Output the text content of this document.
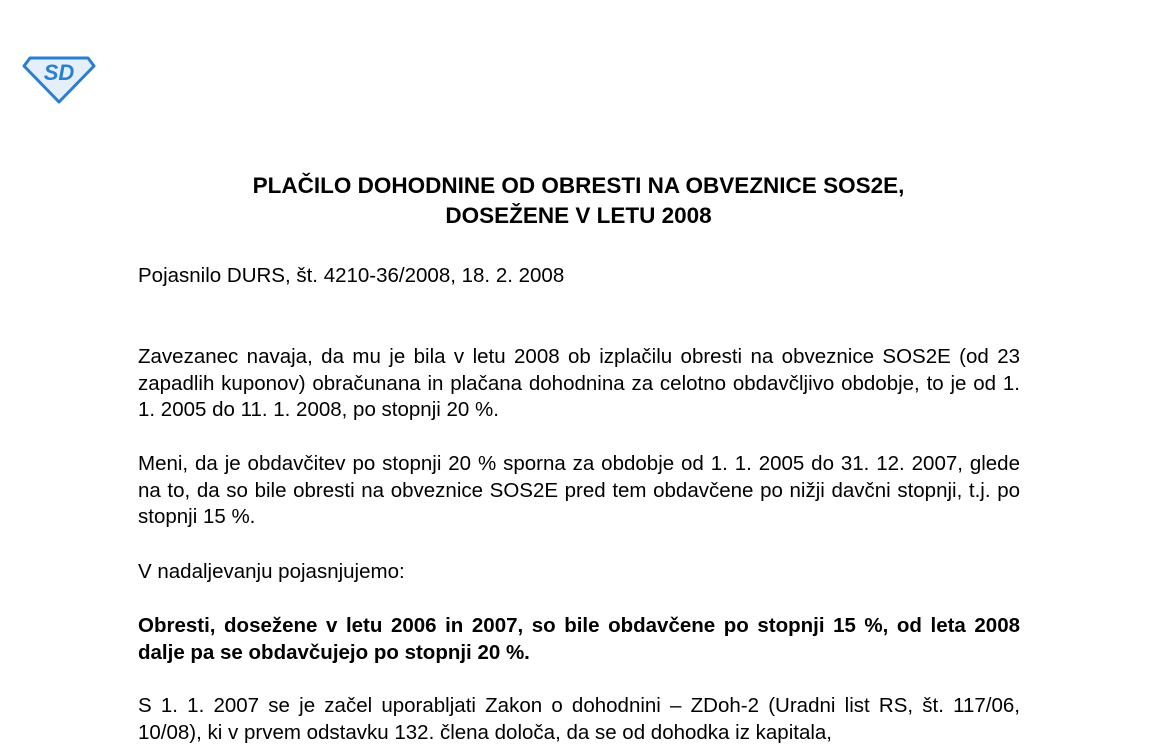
SD
PLAČILO DOHODNINE OD OBRESTI NA OBVEZNICE SOS2E,
DOSEŽENE V LETU 2008

Pojasnilo DURS, št. 4210-36/2008, 18. 2. 2008

Zavezanec navaja, da mu je bila v letu 2008 ob izplačilu obresti na obveznice SOS2E (od 23 zapadlih kuponov) obračunana in plačana dohodnina za celotno obdavčljivo obdobje, to je od 1. 1. 2005 do 11. 1. 2008, po stopnji 20 %.

Meni, da je obdavčitev po stopnji 20 % sporna za obdobje od 1. 1. 2005 do 31. 12. 2007, glede na to, da so bile obresti na obveznice SOS2E pred tem obdavčene po nižji davčni stopnji, t.j. po stopnji 15 %.

V nadaljevanju pojasnjujemo:

Obresti, dosežene v letu 2006 in 2007, so bile obdavčene po stopnji 15 %, od leta 2008 dalje pa se obdavčujejo po stopnji 20 %.

S 1. 1. 2007 se je začel uporabljati Zakon o dohodnini – ZDoh-2 (Uradni list RS, št. 117/06, 10/08), ki v prvem odstavku 132. člena določa, da se od dohodka iz kapitala,
